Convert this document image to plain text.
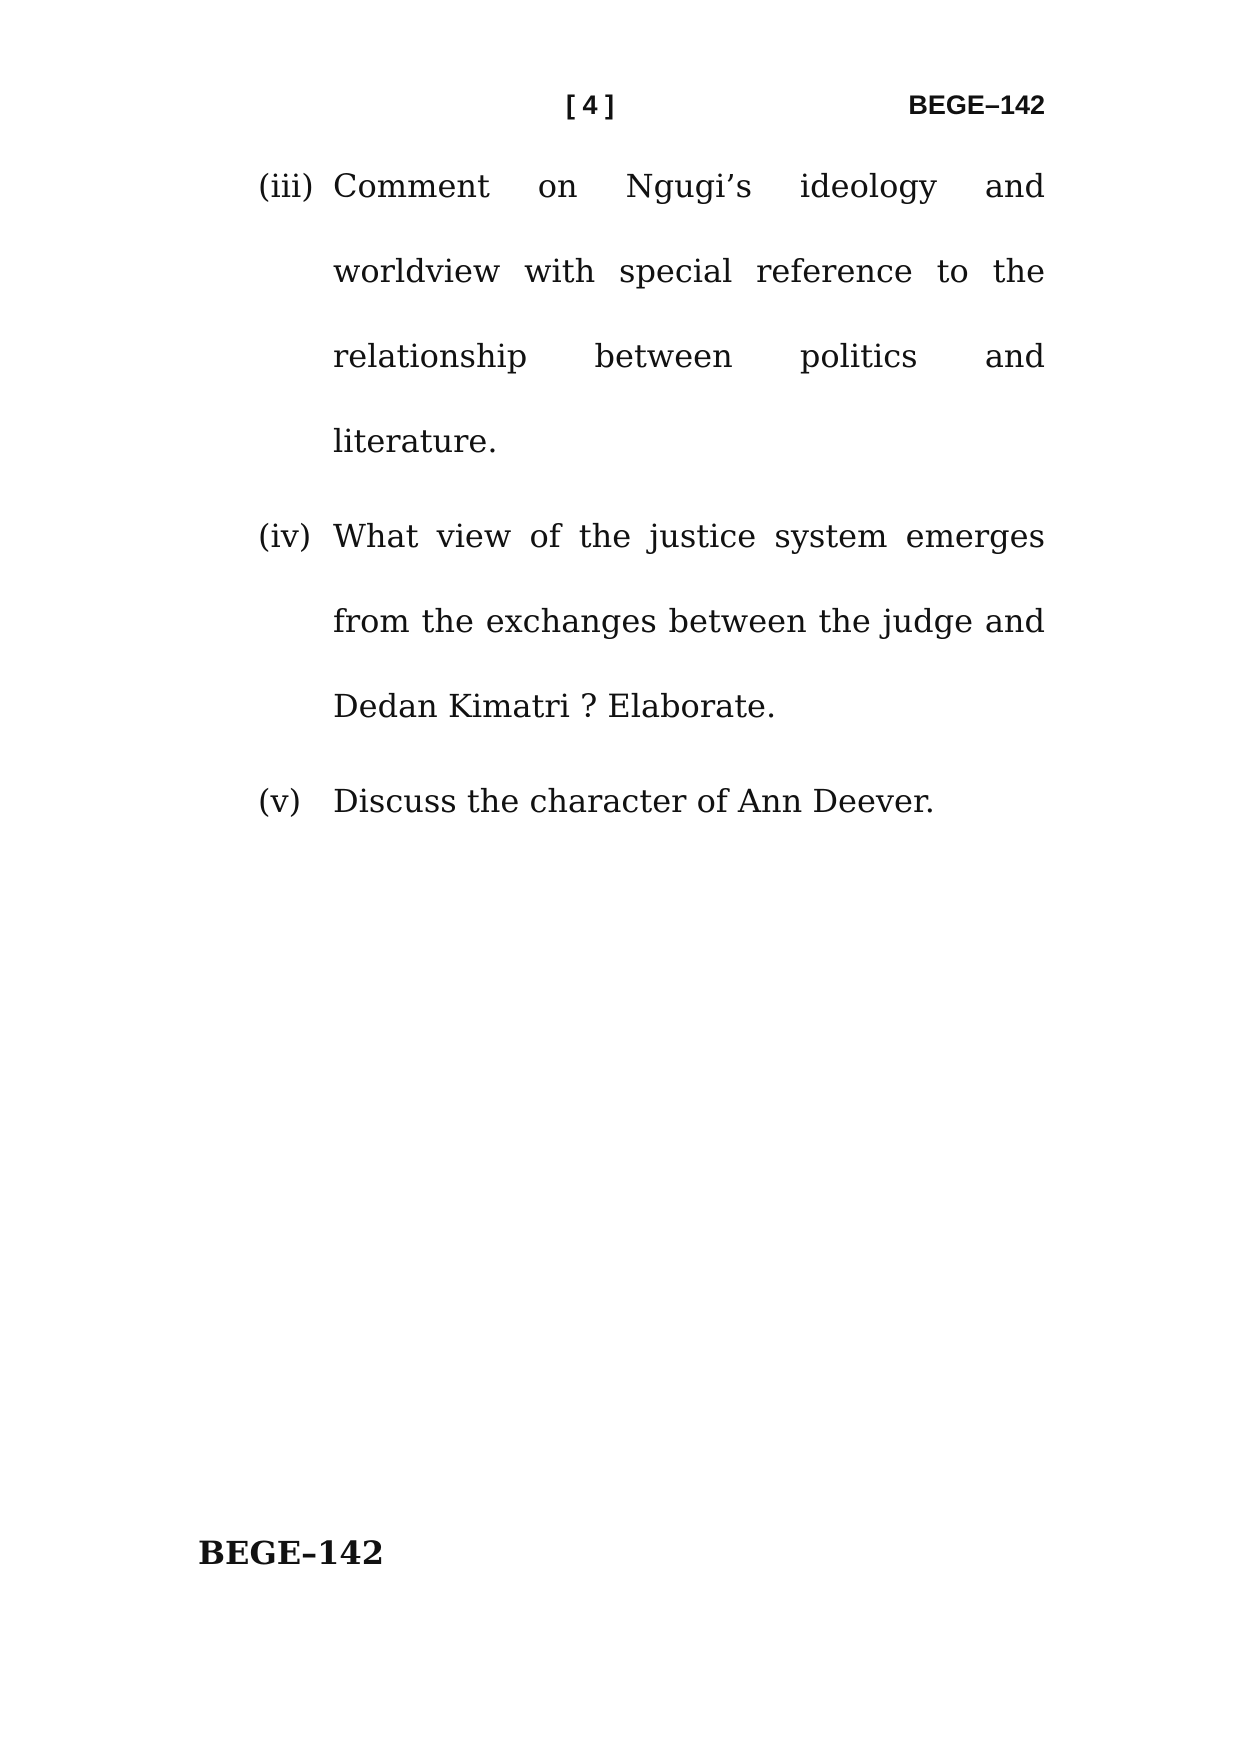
[ 4 ]	BEGE–142
(iii) Comment on Ngugi’s ideology and worldview with special reference to the relationship between politics and literature.
(iv) What view of the justice system emerges from the exchanges between the judge and Dedan Kimatri ? Elaborate.
(v) Discuss the character of Ann Deever.
BEGE–142
